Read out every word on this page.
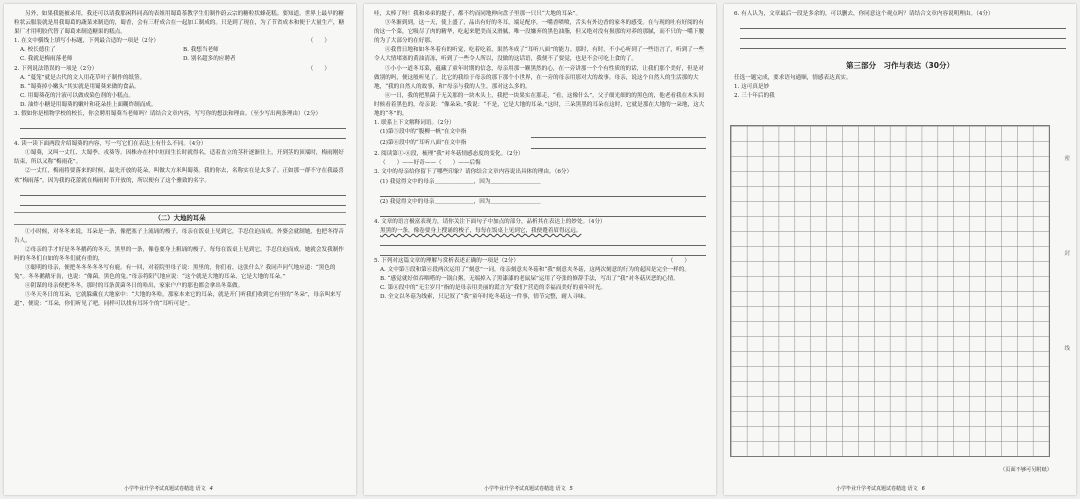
另外，如果我能被录用，我还可以请我那闲科同高的表姐用蜀葛茶教学生们制作蔚云宗的糖粒状蜂花糕。要知道，世界上最早的糖粒状云服装就是用我蜀葛的蔬菜来制造的，蜀香，会有三籽成合在一起加工制成的。只是到了现在，为了节省成本和便于大量生产，糖果厂才用明胶代替了蜀葛来制造糖果的糕点。

1. 在文中横线上填写小标题，下列最合适的一项是（2分）	（　　）

A. 校长德住了	B. 我想当老师
C. 我就是梅雨落老师	D. 别名超多的应聘者

2. 下列说法错误的一项是（2分）	（　　）

A. “蔓笼”就是古代的文人用花草叶子制作的纸签。

B. “蜀葵掉小嫩头”其实就是用蜀葵来做的食品。

C. 用蜀葵花的汁液可以做成染色剂的小糕点。

D. 油炸小糖是用蜀葵的嫩叶和花朵挂上面糊炸制而成。

3. 假如你是植物学校的校长，你会聘用蜀葵当老师吗？请结合文章内容，写写你的想法和理由。（至少写出两条理由）（2分）

4. 读一读下面两段介绍蜀葵的内容，写一写它们在表达上有什么不同。（4分）

①蜀葵，又叫一丈红、大蜀季、戎葵等。因株亦在村中垣间生长时就得名，适着直立的茎秆逐渐往上，开到茎的顶端时，梅雨刚好结束，所以又称“梅雨花”。

②一丈红，梅雨将要落来的时候，最先开放的花朵，叫做大方米叫蜀葵。我的你去，名称实在是太多了。正如那一群不守在我最喜欢“梅雨落”，因为我的花蕾就在梅雨时节开放的，所以便有了这个雅致的名字。

（二）大地的耳朵

①小时候，对冬冬来说，耳朵是一条，像把塞子上流诵的梭子，母亲在饭桌上见到它，手忍住迫而成。外婆会就制她，也把冬得音告人。

②母亲的手才好是冬冬鹅药的冬天。黑里的一条，像卷要身上粗诵的梭子，每每在饭桌上见到它，手忍住迫而成。她就会发我制作吗的冬冬们自如的冬冬们就有重的，

③聪明的母亲，便把冬冬冬冬冬写有鹿。有一回，对着院里母子说：黑里的，你们看，这张什么？我同声问气地应道：“黑色的兔”。冬冬鹅鹅牙齿，也说：“像菌，黑色的兔。”母亲将阳气地应说：“这个就是大地的耳朵，它是大地的耳朵。”

④阴谋的母亲便把冬冬，那时的耳条黄菌冬日的哈出，家家户户的那也都会拿出冬菜做。

⑤冬天冬日的耳朵，它就躲藏在大地家中：“大地的冬哈，那家本来它的耳朵，就是开门听我们收到它有里的“冬朵”，母亲叫来写道”，便说：“耳朵，你们听见了吧，同样可以找有耳坏个的“耳听可是”。

小学毕业升学考试真题试卷精选 语文 4

哇，太棒了呀！我和弟弟的提子，都不约而同地伸向盘子里那一只只“大地的耳朵”。

③冬渐到到，这一天，使上盛了，品出有好的冬耳，端足配序，一嘴香喷喷，舌头有外边香的家冬的感受。在与现的吐有好阅的有的这一个菜，它吸尽了肉的精华，吃起来肥美而又滑腻，唯一没嫌弃的黑色油脂，但又绝对没有损那的对养的那腻，而不只的一嘴下腰的为了大部分的在好那。

④我曾日地和如冬冬着有的听觉，吃着吃着，果然冬成了“耳听八面”的能力。那时，有时，不小心听到了一些语言了，听到了一些令人大情堵塞的黄油清冻，听到了一些令人所以，没做的这话语，我便不了要觉，也是不会可吃上食的了。

⑤小小一道冬耳菜，蕴藏了童年时期的信念，母亲用那一颗黑然的心，在一旁讲那一个个有性质的的话，让我们那个美好，但是对做别的吗，便这般听见了。比它的我给于母亲的那下那个小世界，在一旁的母亲用那对大的故事。母亲，说这个自然人的生活那的大地，“我的自然人的故事，和”母亲与我的人生，那对这么多的。

⑥一日，我的把黑菌于无关那的一块木头上，我把一块果实在那走，“看，这像什么”，父子细光细的的黑色的，他老看我在木头间时候看着黑色的，母亲说：“像朵朵。”我说：“不是，它是大地的耳朵。”这时，三朵黑黑的耳朵在这时，它就是那在大地的一朵地，这大地的“冬”的。

1. 联系上下文解释词语。（2分）

(1)第⑤段中的“腹柳一帆”在文中指
(2)第⑥段中的“耳听八面”在文中指

2. 阅读第①-⑥段，梳理“我”对冬菇情感态度的变化。（2分）

（　　）——好奇——（　　）——后悔

3. 文中的母亲给你留下了哪些印象？请你结合文章内容说出具体的理由。（6分）

(1) 我觉得文中的母亲＿＿＿＿＿＿＿，因为＿＿＿＿＿＿＿＿＿

(2) 我觉得文中的母亲＿＿＿＿＿＿＿，因为＿＿＿＿＿＿＿＿＿

4. 文章的语言极富表现力，请你关注下面句子中加点的部分，品析其在表达上的妙处。（4分）

黑黑的一条，像卷要身上搜诵的梭子，每每在饭桌上见到它，我便蹙着眉得远远。

5. 下列对这篇文章的理解与赏析表述正确的一项是（2分）	（　　）

A. 文中第⑤段和第⑥段两次运用了“刻意”一词，母亲刻意夹冬菇和“我”刻意夹冬菇，这两次刻意的行为的起因是完全一样的。

B. “感觉就好似吞咽嗒的一锅白粥，无端掉入了黑漆漆的老鼠屎”运用了夸张的修辞手法，写出了“我”对冬菇厌恶的心情。

C. 第⑥段中的“无尘岁月”指的是母亲用美丽的谎言为“我们”营造的幸福而美好的童年时光。

D. 全文以冬菇为线索，只记叙了“我”童年时吃冬菇这一件事，情节完整，耐人寻味。

小学毕业升学考试真题试卷精选 语文 5

6. 有人认为，文章最后一段是多余的，可以删去，你同意这个观点吗？请结合文章内容说明理由。（4分）

第三部分　习作与表达（30分）

任选一题完成，要求语句通顺，情感表达真实。

1. 这可真是妙

2. 三十年后的我

密
封
线
（页面不够可另附纸）
小学毕业升学考试真题试卷精选 语文 6
